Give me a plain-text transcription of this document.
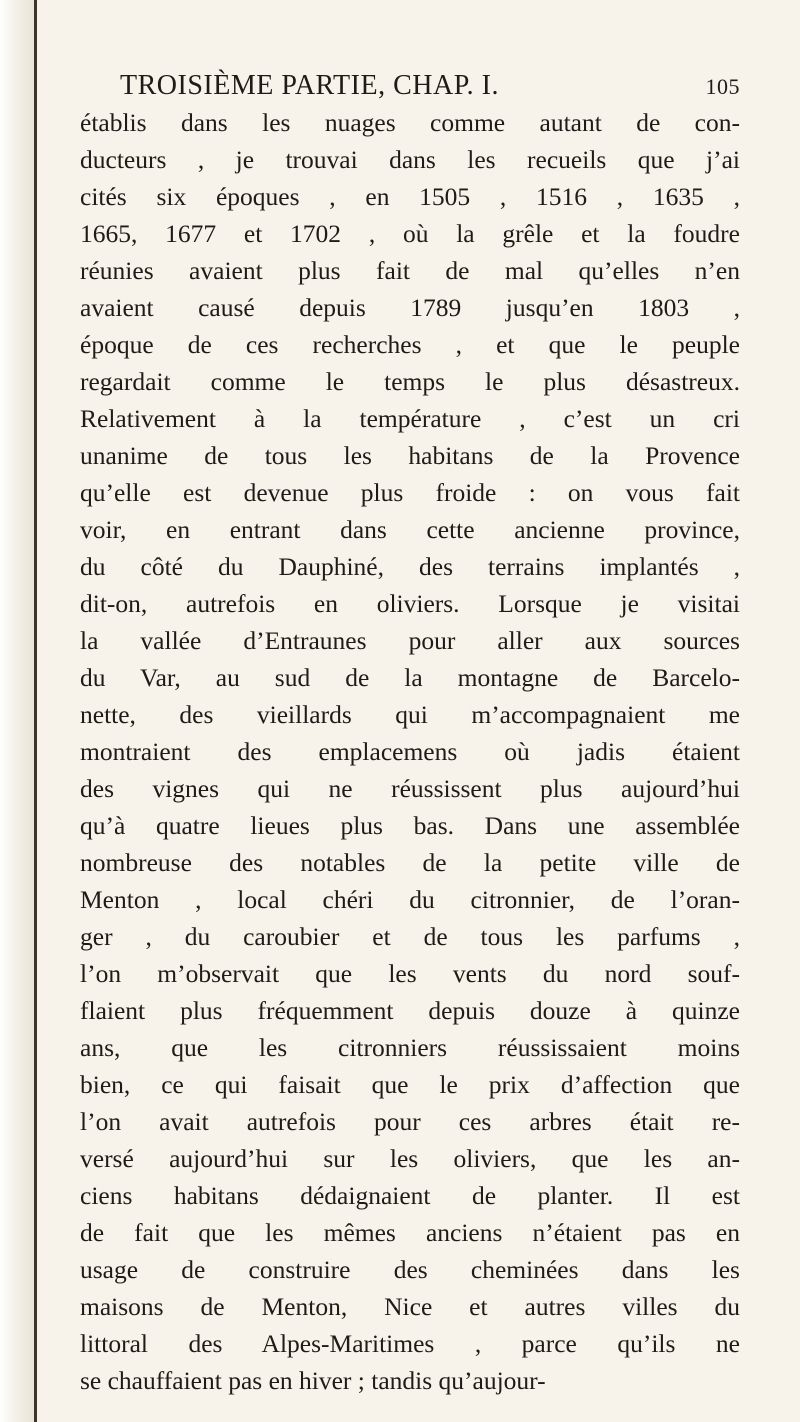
TROISIÈME PARTIE, CHAP. I.	105
établis dans les nuages comme autant de con-
ducteurs , je trouvai dans les recueils que j’ai
cités six époques , en 1505 , 1516 , 1635 ,
1665, 1677 et 1702 , où la grêle et la foudre
réunies avaient plus fait de mal qu’elles n’en
avaient causé depuis 1789 jusqu’en 1803 ,
époque de ces recherches , et que le peuple
regardait comme le temps le plus désastreux.
Relativement à la température , c’est un cri
unanime de tous les habitans de la Provence
qu’elle est devenue plus froide : on vous fait
voir, en entrant dans cette ancienne province,
du côté du Dauphiné, des terrains implantés ,
dit-on, autrefois en oliviers. Lorsque je visitai
la vallée d’Entraunes pour aller aux sources
du Var, au sud de la montagne de Barcelo-
nette, des vieillards qui m’accompagnaient me
montraient des emplacemens où jadis étaient
des vignes qui ne réussissent plus aujourd’hui
qu’à quatre lieues plus bas. Dans une assemblée
nombreuse des notables de la petite ville de
Menton , local chéri du citronnier, de l’oran-
ger , du caroubier et de tous les parfums ,
l’on m’observait que les vents du nord souf-
flaient plus fréquemment depuis douze à quinze
ans, que les citronniers réussissaient moins
bien, ce qui faisait que le prix d’affection que
l’on avait autrefois pour ces arbres était re-
versé aujourd’hui sur les oliviers, que les an-
ciens habitans dédaignaient de planter. Il est
de fait que les mêmes anciens n’étaient pas en
usage de construire des cheminées dans les
maisons de Menton, Nice et autres villes du
littoral des Alpes-Maritimes , parce qu’ils ne
se chauffaient pas en hiver ; tandis qu’aujour-
